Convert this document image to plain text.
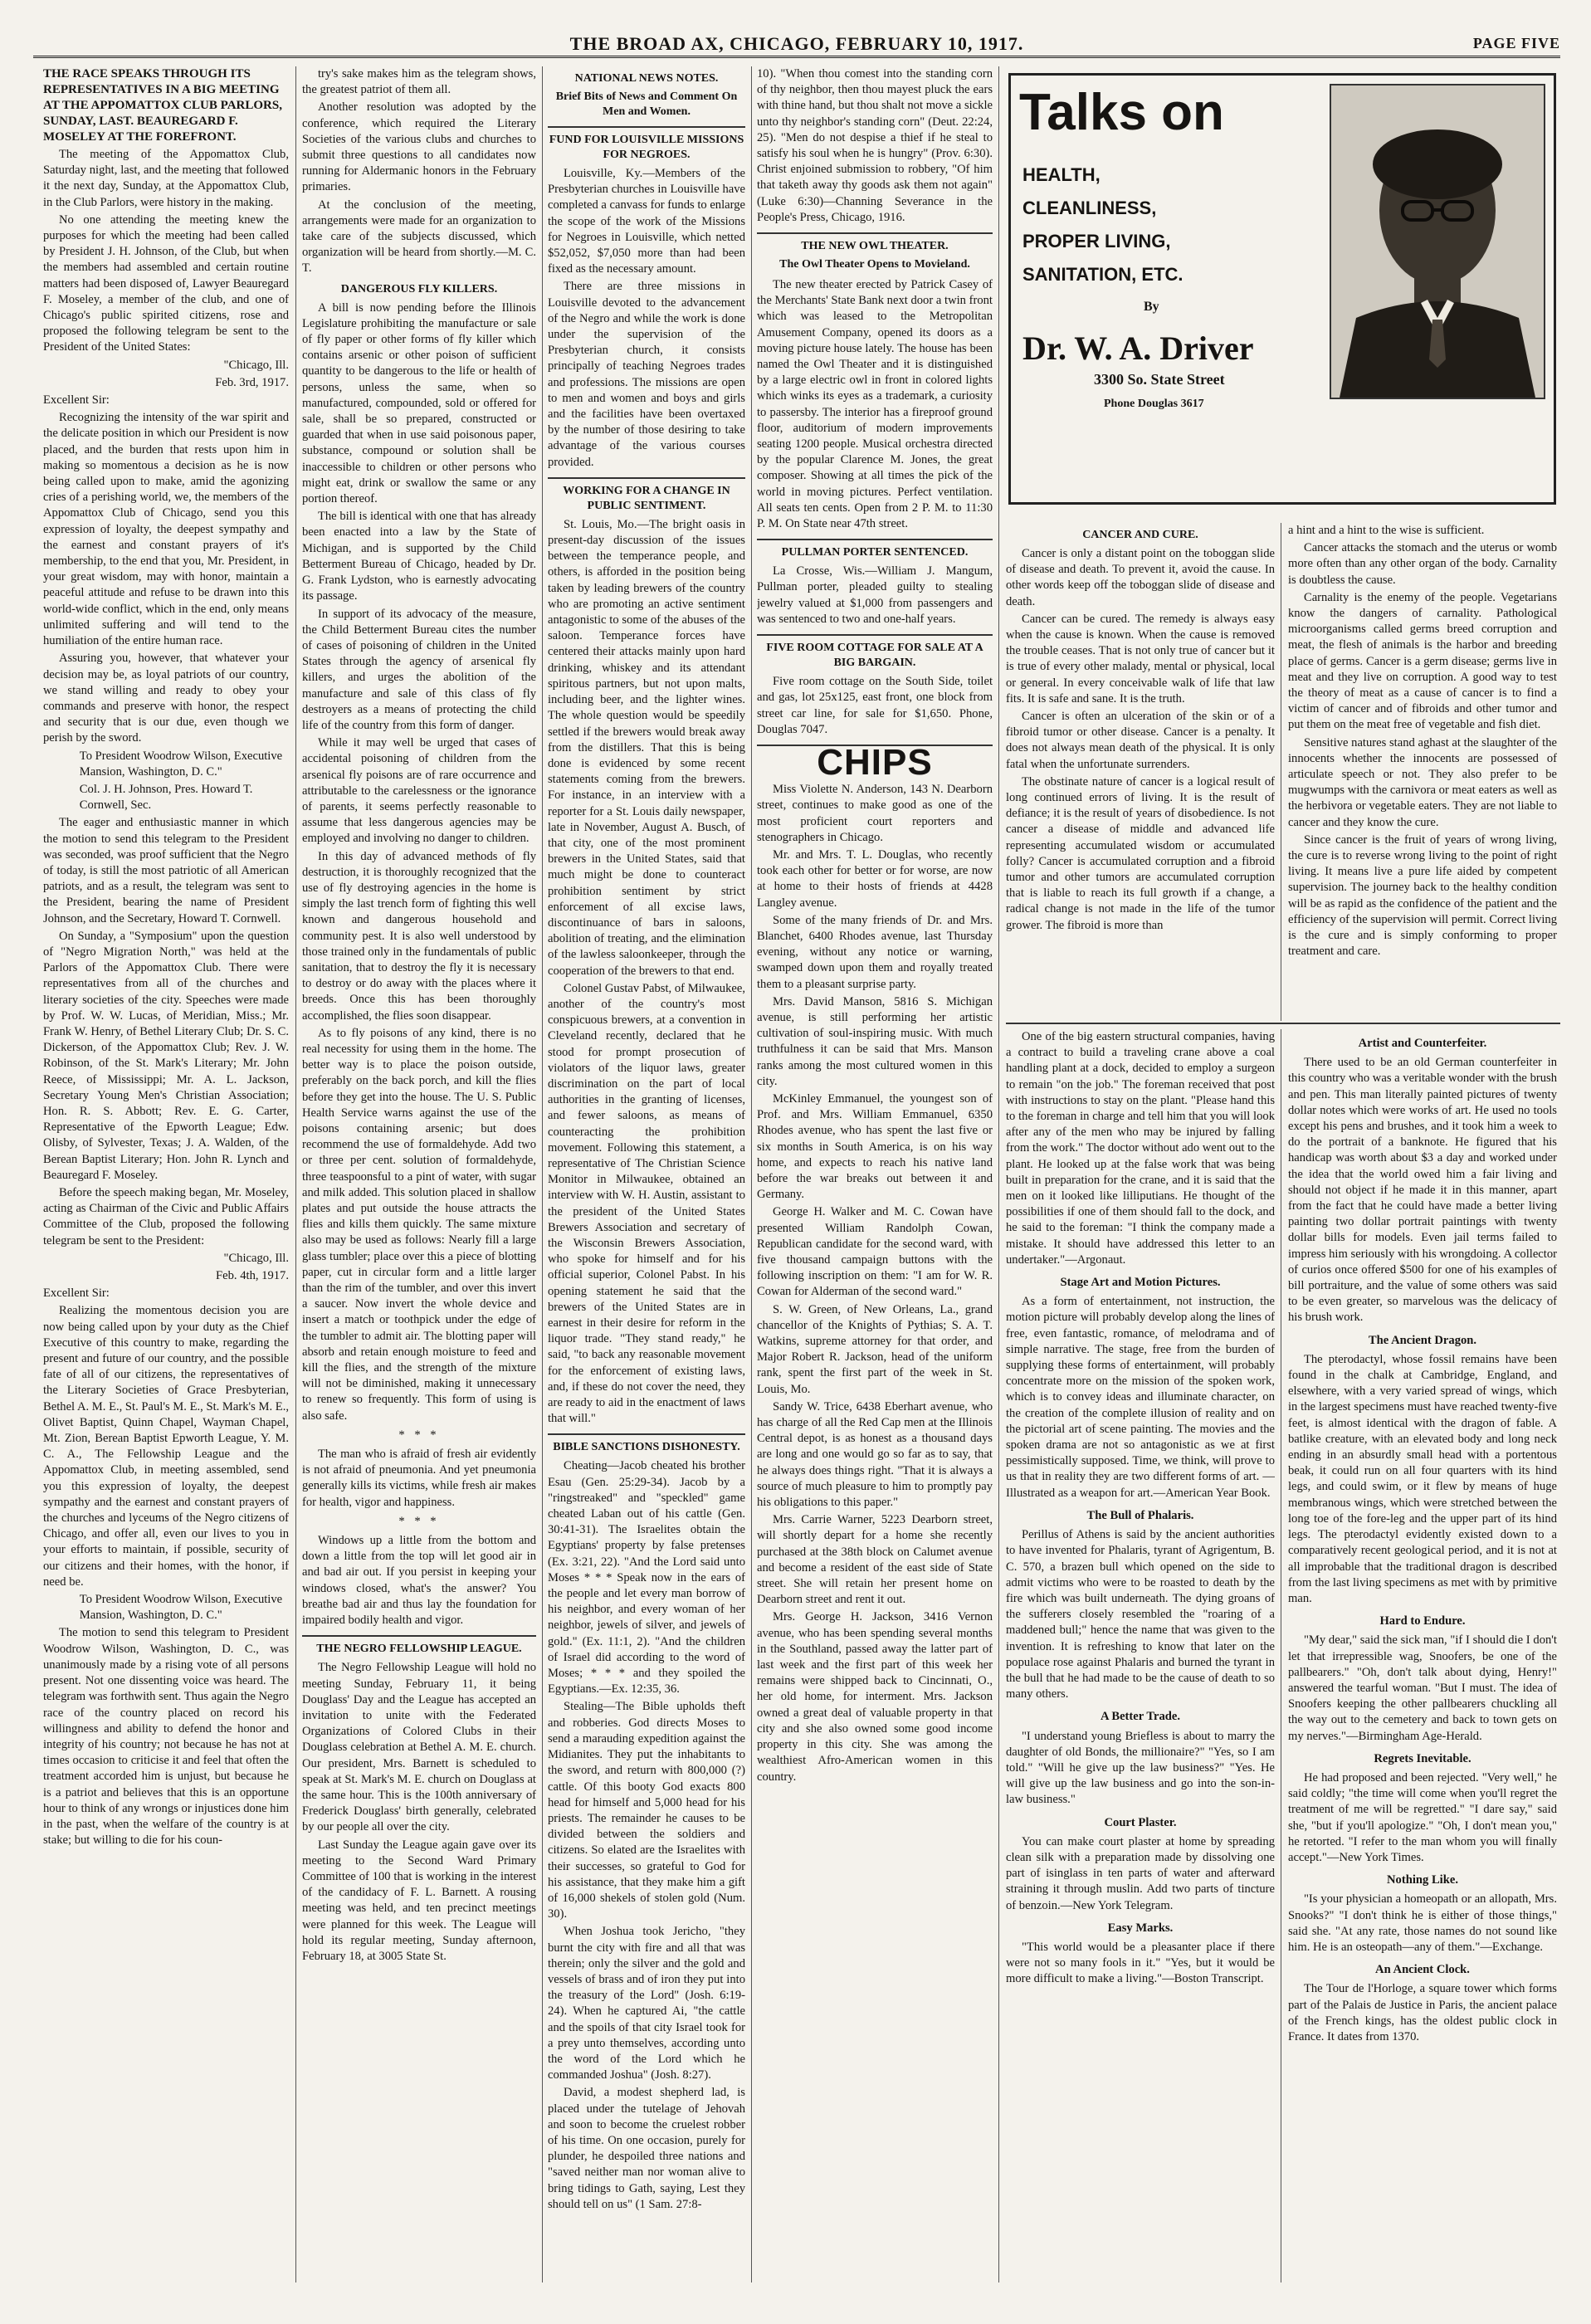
THE BROAD AX, CHICAGO, FEBRUARY 10, 1917.	PAGE FIVE

THE RACE SPEAKS THROUGH ITS REPRESENTATIVES IN A BIG MEETING AT THE APPOMATTOX CLUB PARLORS, SUNDAY, LAST. BEAUREGARD F. MOSELEY AT THE FOREFRONT.

The meeting of the Appomattox Club, Saturday night, last, and the meeting that followed it the next day, Sunday, at the Appomattox Club, in the Club Parlors, were history in the making.

No one attending the meeting knew the purposes for which the meeting had been called by President J. H. Johnson, of the Club, but when the members had assembled and certain routine matters had been disposed of, Lawyer Beauregard F. Moseley, a member of the club, and one of Chicago's public spirited citizens, rose and proposed the following telegram be sent to the President of the United States:

"Chicago, Ill.

Feb. 3rd, 1917.

Excellent Sir:

Recognizing the intensity of the war spirit and the delicate position in which our President is now placed, and the burden that rests upon him in making so momentous a decision as he is now being called upon to make, amid the agonizing cries of a perishing world, we, the members of the Appomattox Club of Chicago, send you this expression of loyalty, the deepest sympathy and the earnest and constant prayers of it's membership, to the end that you, Mr. President, in your great wisdom, may with honor, maintain a peaceful attitude and refuse to be drawn into this world-wide conflict, which in the end, only means unlimited suffering and will tend to the humiliation of the entire human race.

Assuring you, however, that whatever your decision may be, as loyal patriots of our country, we stand willing and ready to obey your commands and preserve with honor, the respect and security that is our due, even though we perish by the sword.

To President Woodrow Wilson, Executive Mansion, Washington, D. C."

Col. J. H. Johnson, Pres. Howard T. Cornwell, Sec.

The eager and enthusiastic manner in which the motion to send this telegram to the President was seconded, was proof sufficient that the Negro of today, is still the most patriotic of all American patriots, and as a result, the telegram was sent to the President, bearing the name of President Johnson, and the Secretary, Howard T. Cornwell.

On Sunday, a "Symposium" upon the question of "Negro Migration North," was held at the Parlors of the Appomattox Club. There were representatives from all of the churches and literary societies of the city. Speeches were made by Prof. W. W. Lucas, of Meridian, Miss.; Mr. Frank W. Henry, of Bethel Literary Club; Dr. S. C. Dickerson, of the Appomattox Club; Rev. J. W. Robinson, of the St. Mark's Literary; Mr. John Reece, of Mississippi; Mr. A. L. Jackson, Secretary Young Men's Christian Association; Hon. R. S. Abbott; Rev. E. G. Carter, Representative of the Epworth League; Edw. Olisby, of Sylvester, Texas; J. A. Walden, of the Berean Baptist Literary; Hon. John R. Lynch and Beauregard F. Moseley.

Before the speech making began, Mr. Moseley, acting as Chairman of the Civic and Public Affairs Committee of the Club, proposed the following telegram be sent to the President:

"Chicago, Ill.

Feb. 4th, 1917.

Excellent Sir:

Realizing the momentous decision you are now being called upon by your duty as the Chief Executive of this country to make, regarding the present and future of our country, and the possible fate of all of our citizens, the representatives of the Literary Societies of Grace Presbyterian, Bethel A. M. E., St. Paul's M. E., St. Mark's M. E., Olivet Baptist, Quinn Chapel, Wayman Chapel, Mt. Zion, Berean Baptist Epworth League, Y. M. C. A., The Fellowship League and the Appomattox Club, in meeting assembled, send you this expression of loyalty, the deepest sympathy and the earnest and constant prayers of the churches and lyceums of the Negro citizens of Chicago, and offer all, even our lives to you in your efforts to maintain, if possible, security of our citizens and their homes, with the honor, if need be.

To President Woodrow Wilson, Executive Mansion, Washington, D. C."

The motion to send this telegram to President Woodrow Wilson, Washington, D. C., was unanimously made by a rising vote of all persons present. Not one dissenting voice was heard. The telegram was forthwith sent. Thus again the Negro race of the country placed on record his willingness and ability to defend the honor and integrity of his country; not because he has not at times occasion to criticise it and feel that often the treatment accorded him is unjust, but because he is a patriot and believes that this is an opportune hour to think of any wrongs or injustices done him in the past, when the welfare of the country is at stake; but willing to die for his coun-

try's sake makes him as the telegram shows, the greatest patriot of them all.

Another resolution was adopted by the conference, which required the Literary Societies of the various clubs and churches to submit three questions to all candidates now running for Aldermanic honors in the February primaries.

At the conclusion of the meeting, arrangements were made for an organization to take care of the subjects discussed, which organization will be heard from shortly.—M. C. T.

DANGEROUS FLY KILLERS.

A bill is now pending before the Illinois Legislature prohibiting the manufacture or sale of fly paper or other forms of fly killer which contains arsenic or other poison of sufficient quantity to be dangerous to the life or health of persons, unless the same, when so manufactured, compounded, sold or offered for sale, shall be so prepared, constructed or guarded that when in use said poisonous paper, substance, compound or solution shall be inaccessible to children or other persons who might eat, drink or swallow the same or any portion thereof.

The bill is identical with one that has already been enacted into a law by the State of Michigan, and is supported by the Child Betterment Bureau of Chicago, headed by Dr. G. Frank Lydston, who is earnestly advocating its passage.

In support of its advocacy of the measure, the Child Betterment Bureau cites the number of cases of poisoning of children in the United States through the agency of arsenical fly killers, and urges the abolition of the manufacture and sale of this class of fly destroyers as a means of protecting the child life of the country from this form of danger.

While it may well be urged that cases of accidental poisoning of children from the arsenical fly poisons are of rare occurrence and attributable to the carelessness or the ignorance of parents, it seems perfectly reasonable to assume that less dangerous agencies may be employed and involving no danger to children.

In this day of advanced methods of fly destruction, it is thoroughly recognized that the use of fly destroying agencies in the home is simply the last trench form of fighting this well known and dangerous household and community pest. It is also well understood by those trained only in the fundamentals of public sanitation, that to destroy the fly it is necessary to destroy or do away with the places where it breeds. Once this has been thoroughly accomplished, the flies soon disappear.

As to fly poisons of any kind, there is no real necessity for using them in the home. The better way is to place the poison outside, preferably on the back porch, and kill the flies before they get into the house. The U. S. Public Health Service warns against the use of the poisons containing arsenic; but does recommend the use of formaldehyde. Add two or three per cent. solution of formaldehyde, three teaspoonsful to a pint of water, with sugar and milk added. This solution placed in shallow plates and put outside the house attracts the flies and kills them quickly. The same mixture also may be used as follows: Nearly fill a large glass tumbler; place over this a piece of blotting paper, cut in circular form and a little larger than the rim of the tumbler, and over this invert a saucer. Now invert the whole device and insert a match or toothpick under the edge of the tumbler to admit air. The blotting paper will absorb and retain enough moisture to feed and kill the flies, and the strength of the mixture will not be diminished, making it unnecessary to renew so frequently. This form of using is also safe.

* * *

The man who is afraid of fresh air evidently is not afraid of pneumonia. And yet pneumonia generally kills its victims, while fresh air makes for health, vigor and happiness.

* * *

Windows up a little from the bottom and down a little from the top will let good air in and bad air out. If you persist in keeping your windows closed, what's the answer? You breathe bad air and thus lay the foundation for impaired bodily health and vigor.

THE NEGRO FELLOWSHIP LEAGUE.

The Negro Fellowship League will hold no meeting Sunday, February 11, it being Douglass' Day and the League has accepted an invitation to unite with the Federated Organizations of Colored Clubs in their Douglass celebration at Bethel A. M. E. church. Our president, Mrs. Barnett is scheduled to speak at St. Mark's M. E. church on Douglass at the same hour. This is the 100th anniversary of Frederick Douglass' birth generally, celebrated by our people all over the city.

Last Sunday the League again gave over its meeting to the Second Ward Primary Committee of 100 that is working in the interest of the candidacy of F. L. Barnett. A rousing meeting was held, and ten precinct meetings were planned for this week. The League will hold its regular meeting, Sunday afternoon, February 18, at 3005 State St.

NATIONAL NEWS NOTES.
Brief Bits of News and Comment On Men and Women.
FUND FOR LOUISVILLE MISSIONS FOR NEGROES.

Louisville, Ky.—Members of the Presbyterian churches in Louisville have completed a canvass for funds to enlarge the scope of the work of the Missions for Negroes in Louisville, which netted $52,052, $7,050 more than had been fixed as the necessary amount.

There are three missions in Louisville devoted to the advancement of the Negro and while the work is done under the supervision of the Presbyterian church, it consists principally of teaching Negroes trades and professions. The missions are open to men and women and boys and girls and the facilities have been overtaxed by the number of those desiring to take advantage of the various courses provided.

WORKING FOR A CHANGE IN PUBLIC SENTIMENT.

St. Louis, Mo.—The bright oasis in present-day discussion of the issues between the temperance people, and others, is afforded in the position being taken by leading brewers of the country who are promoting an active sentiment antagonistic to some of the abuses of the saloon. Temperance forces have centered their attacks mainly upon hard drinking, whiskey and its attendant spiritous partners, but not upon malts, including beer, and the lighter wines. The whole question would be speedily settled if the brewers would break away from the distillers. That this is being done is evidenced by some recent statements coming from the brewers. For instance, in an interview with a reporter for a St. Louis daily newspaper, late in November, August A. Busch, of that city, one of the most prominent brewers in the United States, said that much might be done to counteract prohibition sentiment by strict enforcement of all excise laws, discontinuance of bars in saloons, abolition of treating, and the elimination of the lawless saloonkeeper, through the cooperation of the brewers to that end.

Colonel Gustav Pabst, of Milwaukee, another of the country's most conspicuous brewers, at a convention in Cleveland recently, declared that he stood for prompt prosecution of violators of the liquor laws, greater discrimination on the part of local authorities in the granting of licenses, and fewer saloons, as means of counteracting the prohibition movement. Following this statement, a representative of The Christian Science Monitor in Milwaukee, obtained an interview with W. H. Austin, assistant to the president of the United States Brewers Association and secretary of the Wisconsin Brewers Association, who spoke for himself and for his official superior, Colonel Pabst. In his opening statement he said that the brewers of the United States are in earnest in their desire for reform in the liquor trade. "They stand ready," he said, "to back any reasonable movement for the enforcement of existing laws, and, if these do not cover the need, they are ready to aid in the enactment of laws that will."

BIBLE SANCTIONS DISHONESTY.

Cheating—Jacob cheated his brother Esau (Gen. 25:29-34). Jacob by a "ringstreaked" and "speckled" game cheated Laban out of his cattle (Gen. 30:41-31). The Israelites obtain the Egyptians' property by false pretenses (Ex. 3:21, 22). "And the Lord said unto Moses * * * Speak now in the ears of the people and let every man borrow of his neighbor, and every woman of her neighbor, jewels of silver, and jewels of gold." (Ex. 11:1, 2). "And the children of Israel did according to the word of Moses; * * * and they spoiled the Egyptians.—Ex. 12:35, 36.

Stealing—The Bible upholds theft and robberies. God directs Moses to send a marauding expedition against the Midianites. They put the inhabitants to the sword, and return with 800,000 (?) cattle. Of this booty God exacts 800 head for himself and 5,000 head for his priests. The remainder he causes to be divided between the soldiers and citizens. So elated are the Israelites with their successes, so grateful to God for his assistance, that they make him a gift of 16,000 shekels of stolen gold (Num. 30).

When Joshua took Jericho, "they burnt the city with fire and all that was therein; only the silver and the gold and vessels of brass and of iron they put into the treasury of the Lord" (Josh. 6:19-24). When he captured Ai, "the cattle and the spoils of that city Israel took for a prey unto themselves, according unto the word of the Lord which he commanded Joshua" (Josh. 8:27).

David, a modest shepherd lad, is placed under the tutelage of Jehovah and soon to become the cruelest robber of his time. On one occasion, purely for plunder, he despoiled three nations and "saved neither man nor woman alive to bring tidings to Gath, saying, Lest they should tell on us" (1 Sam. 27:8-

10). "When thou comest into the standing corn of thy neighbor, then thou mayest pluck the ears with thine hand, but thou shalt not move a sickle unto thy neighbor's standing corn" (Deut. 22:24, 25). "Men do not despise a thief if he steal to satisfy his soul when he is hungry" (Prov. 6:30). Christ enjoined submission to robbery, "Of him that taketh away thy goods ask them not again" (Luke 6:30)—Channing Severance in the People's Press, Chicago, 1916.

THE NEW OWL THEATER.
The Owl Theater Opens to Movieland.

The new theater erected by Patrick Casey of the Merchants' State Bank next door a twin front which was leased to the Metropolitan Amusement Company, opened its doors as a moving picture house lately. The house has been named the Owl Theater and it is distinguished by a large electric owl in front in colored lights which winks its eyes as a trademark, a curiosity to passersby. The interior has a fireproof ground floor, auditorium of modern improvements seating 1200 people. Musical orchestra directed by the popular Clarence M. Jones, the great composer. Showing at all times the pick of the world in moving pictures. Perfect ventilation. All seats ten cents. Open from 2 P. M. to 11:30 P. M. On State near 47th street.

PULLMAN PORTER SENTENCED.

La Crosse, Wis.—William J. Mangum, Pullman porter, pleaded guilty to stealing jewelry valued at $1,000 from passengers and was sentenced to two and one-half years.

FIVE ROOM COTTAGE FOR SALE AT A BIG BARGAIN.

Five room cottage on the South Side, toilet and gas, lot 25x125, east front, one block from street car line, for sale for $1,650. Phone, Douglas 7047.

CHIPS

Miss Violette N. Anderson, 143 N. Dearborn street, continues to make good as one of the most proficient court reporters and stenographers in Chicago.

Mr. and Mrs. T. L. Douglas, who recently took each other for better or for worse, are now at home to their hosts of friends at 4428 Langley avenue.

Some of the many friends of Dr. and Mrs. Blanchet, 6400 Rhodes avenue, last Thursday evening, without any notice or warning, swamped down upon them and royally treated them to a pleasant surprise party.

Mrs. David Manson, 5816 S. Michigan avenue, is still performing her artistic cultivation of soul-inspiring music. With much truthfulness it can be said that Mrs. Manson ranks among the most cultured women in this city.

McKinley Emmanuel, the youngest son of Prof. and Mrs. William Emmanuel, 6350 Rhodes avenue, who has spent the last five or six months in South America, is on his way home, and expects to reach his native land before the war breaks out between it and Germany.

George H. Walker and M. C. Cowan have presented William Randolph Cowan, Republican candidate for the second ward, with five thousand campaign buttons with the following inscription on them: "I am for W. R. Cowan for Alderman of the second ward."

S. W. Green, of New Orleans, La., grand chancellor of the Knights of Pythias; S. A. T. Watkins, supreme attorney for that order, and Major Robert R. Jackson, head of the uniform rank, spent the first part of the week in St. Louis, Mo.

Sandy W. Trice, 6438 Eberhart avenue, who has charge of all the Red Cap men at the Illinois Central depot, is as honest as a thousand days are long and one would go so far as to say, that he always does things right. "That it is always a source of much pleasure to him to promptly pay his obligations to this paper."

Mrs. Carrie Warner, 5223 Dearborn street, will shortly depart for a home she recently purchased at the 38th block on Calumet avenue and become a resident of the east side of State street. She will retain her present home on Dearborn street and rent it out.

Mrs. George H. Jackson, 3416 Vernon avenue, who has been spending several months in the Southland, passed away the latter part of last week and the first part of this week her remains were shipped back to Cincinnati, O., her old home, for interment. Mrs. Jackson owned a great deal of valuable property in that city and she also owned some good income property in this city. She was among the wealthiest Afro-American women in this country.

Talks on
HEALTH,
CLEANLINESS,
PROPER LIVING,
SANITATION, ETC.
By
Dr. W. A. Driver
3300 So. State Street
Phone Douglas 3617
CANCER AND CURE.

Cancer is only a distant point on the toboggan slide of disease and death. To prevent it, avoid the cause. In other words keep off the toboggan slide of disease and death.

Cancer can be cured. The remedy is always easy when the cause is known. When the cause is removed the trouble ceases. That is not only true of cancer but it is true of every other malady, mental or physical, local or general. In every conceivable walk of life that law fits. It is safe and sane. It is the truth.

Cancer is often an ulceration of the skin or of a fibroid tumor or other disease. Cancer is a penalty. It does not always mean death of the physical. It is only fatal when the unfortunate surrenders.

The obstinate nature of cancer is a logical result of long continued errors of living. It is the result of defiance; it is the result of years of disobedience. Is not cancer a disease of middle and advanced life representing accumulated wisdom or accumulated folly? Cancer is accumulated corruption and a fibroid tumor and other tumors are accumulated corruption that is liable to reach its full growth if a change, a radical change is not made in the life of the tumor grower. The fibroid is more than

a hint and a hint to the wise is sufficient.

Cancer attacks the stomach and the uterus or womb more often than any other organ of the body. Carnality is doubtless the cause.

Carnality is the enemy of the people. Vegetarians know the dangers of carnality. Pathological microorganisms called germs breed corruption and meat, the flesh of animals is the harbor and breeding place of germs. Cancer is a germ disease; germs live in meat and they live on corruption. A good way to test the theory of meat as a cause of cancer is to find a victim of cancer and of fibroids and other tumor and put them on the meat free of vegetable and fish diet.

Sensitive natures stand aghast at the slaughter of the innocents whether the innocents are possessed of articulate speech or not. They also prefer to be mugwumps with the carnivora or meat eaters as well as the herbivora or vegetable eaters. They are not liable to cancer and they know the cure.

Since cancer is the fruit of years of wrong living, the cure is to reverse wrong living to the point of right living. It means live a pure life aided by competent supervision. The journey back to the healthy condition will be as rapid as the confidence of the patient and the efficiency of the supervision will permit. Correct living is the cure and is simply conforming to proper treatment and care.

One of the big eastern structural companies, having a contract to build a traveling crane above a coal handling plant at a dock, decided to employ a surgeon to remain "on the job." The foreman received that post with instructions to stay on the plant. "Please hand this to the foreman in charge and tell him that you will look after any of the men who may be injured by falling from the work." The doctor without ado went out to the plant. He looked up at the false work that was being built in preparation for the crane, and it is said that the men on it looked like lilliputians. He thought of the possibilities if one of them should fall to the dock, and he said to the foreman: "I think the company made a mistake. It should have addressed this letter to an undertaker."—Argonaut.

Stage Art and Motion Pictures.

As a form of entertainment, not instruction, the motion picture will probably develop along the lines of free, even fantastic, romance, of melodrama and of simple narrative. The stage, free from the burden of supplying these forms of entertainment, will probably concentrate more on the mission of the spoken work, which is to convey ideas and illuminate character, on the creation of the complete illusion of reality and on the pictorial art of scene painting. The movies and the spoken drama are not so antagonistic as we at first pessimistically supposed. Time, we think, will prove to us that in reality they are two different forms of art. —Illustrated as a weapon for art.—American Year Book.

The Bull of Phalaris.

Perillus of Athens is said by the ancient authorities to have invented for Phalaris, tyrant of Agrigentum, B. C. 570, a brazen bull which opened on the side to admit victims who were to be roasted to death by the fire which was built underneath. The dying groans of the sufferers closely resembled the "roaring of a maddened bull;" hence the name that was given to the invention. It is refreshing to know that later on the populace rose against Phalaris and burned the tyrant in the bull that he had made to be the cause of death to so many others.

A Better Trade.

"I understand young Briefless is about to marry the daughter of old Bonds, the millionaire?" "Yes, so I am told." "Will he give up the law business?" "Yes. He will give up the law business and go into the son-in-law business."

Court Plaster.

You can make court plaster at home by spreading clean silk with a preparation made by dissolving one part of isinglass in ten parts of water and afterward straining it through muslin. Add two parts of tincture of benzoin.—New York Telegram.

Easy Marks.

"This world would be a pleasanter place if there were not so many fools in it." "Yes, but it would be more difficult to make a living."—Boston Transcript.

Artist and Counterfeiter.

There used to be an old German counterfeiter in this country who was a veritable wonder with the brush and pen. This man literally painted pictures of twenty dollar notes which were works of art. He used no tools except his pens and brushes, and it took him a week to do the portrait of a banknote. He figured that his handicap was worth about $3 a day and worked under the idea that the world owed him a fair living and should not object if he made it in this manner, apart from the fact that he could have made a better living painting two dollar portrait paintings with twenty dollar bills for models. Even jail terms failed to impress him seriously with his wrongdoing. A collector of curios once offered $500 for one of his examples of bill portraiture, and the value of some others was said to be even greater, so marvelous was the delicacy of his brush work.

The Ancient Dragon.

The pterodactyl, whose fossil remains have been found in the chalk at Cambridge, England, and elsewhere, with a very varied spread of wings, which in the largest specimens must have reached twenty-five feet, is almost identical with the dragon of fable. A batlike creature, with an elevated body and long neck ending in an absurdly small head with a portentous beak, it could run on all four quarters with its hind legs, and could swim, or it flew by means of huge membranous wings, which were stretched between the long toe of the fore-leg and the upper part of its hind legs. The pterodactyl evidently existed down to a comparatively recent geological period, and it is not at all improbable that the traditional dragon is described from the last living specimens as met with by primitive man.

Hard to Endure.

"My dear," said the sick man, "if I should die I don't let that irrepressible wag, Snoofers, be one of the pallbearers." "Oh, don't talk about dying, Henry!" answered the tearful woman. "But I must. The idea of Snoofers keeping the other pallbearers chuckling all the way out to the cemetery and back to town gets on my nerves."—Birmingham Age-Herald.

Regrets Inevitable.

He had proposed and been rejected. "Very well," he said coldly; "the time will come when you'll regret the treatment of me will be regretted." "I dare say," said she, "but if you'll apologize." "Oh, I don't mean you," he retorted. "I refer to the man whom you will finally accept."—New York Times.

Nothing Like.

"Is your physician a homeopath or an allopath, Mrs. Snooks?" "I don't think he is either of those things," said she. "At any rate, those names do not sound like him. He is an osteopath—any of them."—Exchange.

An Ancient Clock.

The Tour de l'Horloge, a square tower which forms part of the Palais de Justice in Paris, the ancient palace of the French kings, has the oldest public clock in France. It dates from 1370.
